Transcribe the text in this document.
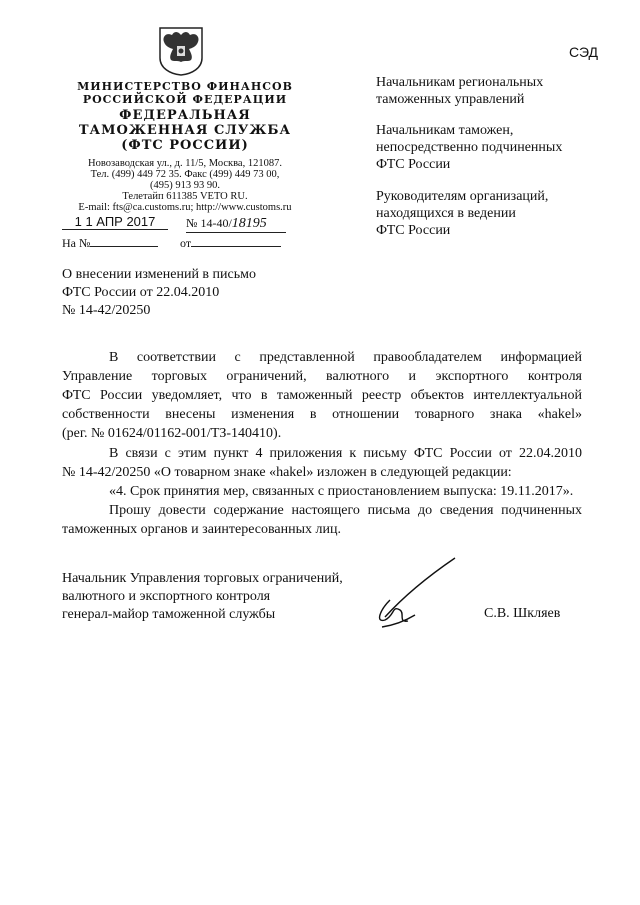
СЭД
МИНИСТЕРСТВО ФИНАНСОВ
РОССИЙСКОЙ ФЕДЕРАЦИИ
ФЕДЕРАЛЬНАЯ
ТАМОЖЕННАЯ СЛУЖБА
(ФТС РОССИИ)
Новозаводская ул., д. 11/5, Москва, 121087.
Тел. (499) 449 72 35. Факс (499) 449 73 00,
(495) 913 93 90.
Телетайп 611385 VETO RU.
E-mail: fts@ca.customs.ru; http://www.customs.ru
1 1 АПР 2017	№ 14-40/18195
На №	от
Начальникам региональных
таможенных управлений
Начальникам таможен,
непосредственно подчиненных
ФТС России
Руководителям организаций,
находящихся в ведении
ФТС России
О внесении изменений в письмо
ФТС России от 22.04.2010
№ 14-42/20250
В соответствии с представленной правообладателем информацией
Управление торговых ограничений, валютного и экспортного контроля
ФТС России уведомляет, что в таможенный реестр объектов интеллектуальной
собственности внесены изменения в отношении товарного знака «hakel»
(рег. № 01624/01162-001/ТЗ-140410).
В связи с этим пункт 4 приложения к письму ФТС России от 22.04.2010
№ 14-42/20250 «О товарном знаке «hakel» изложен в следующей редакции:
«4. Срок принятия мер, связанных с приостановлением выпуска: 19.11.2017».
Прошу довести содержание настоящего письма до сведения подчиненных
таможенных органов и заинтересованных лиц.
Начальник Управления торговых ограничений,
валютного и экспортного контроля
генерал-майор таможенной службы	С.В. Шкляев
